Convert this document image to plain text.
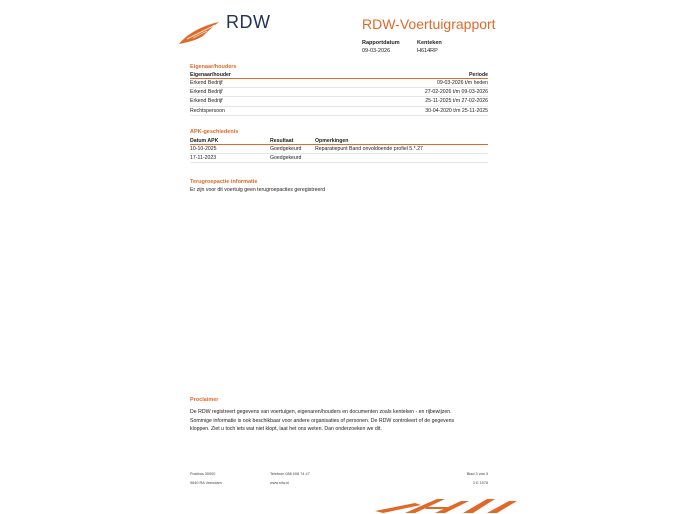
RDW	RDW-Voertuigrapport
Rapportdatum
09-03-2026
Kenteken
H614RP
Eigenaar/houders
Eigenaar/houder	Periode
Erkend Bedrijf	09-03-2026 t/m heden
Erkend Bedrijf	27-02-2026 t/m 09-03-2026
Erkend Bedrijf	25-11-2025 t/m 27-02-2026
Rechtspersoon	30-04-2020 t/m 25-11-2025
APK-geschiedenis
Datum APK	Resultaat	Opmerkingen
10-10-2025	Goedgekeurd	Reparatiepunt Band onvoldoende profiel 5.*.27
17-11-2023	Goedgekeurd	
Terugroepactie informatie
Er zijn voor dit voertuig geen terugroepacties geregistreerd
Proclaimer
De RDW registreert gegevens van voertuigen, eigenaren/houders en documenten zoals kenteken - en rijbewijzen.
Sommige informatie is ook beschikbaar voor andere organisaties of personen. De RDW controleert of de gegevens
kloppen. Ziet u toch iets wat niet klopt, laat het ons weten. Dan onderzoeken we dit.
Postbus 30000
9640 RA Veendam
Telefoon 088 008 74 47
www.rdw.nl
Blad 3 van 3
3 E 1978
